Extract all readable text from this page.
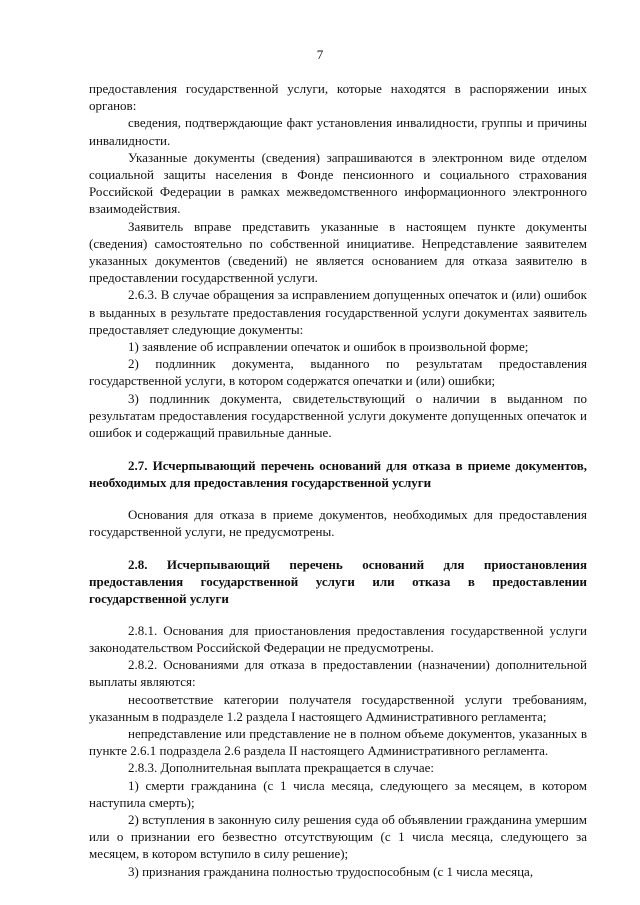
7

предоставления государственной услуги, которые находятся в распоряжении иных органов:

сведения, подтверждающие факт установления инвалидности, группы и причины инвалидности.

Указанные документы (сведения) запрашиваются в электронном виде отделом социальной защиты населения в Фонде пенсионного и социального страхования Российской Федерации в рамках межведомственного информационного электронного взаимодействия.

Заявитель вправе представить указанные в настоящем пункте документы (сведения) самостоятельно по собственной инициативе. Непредставление заявителем указанных документов (сведений) не является основанием для отказа заявителю в предоставлении государственной услуги.

2.6.3. В случае обращения за исправлением допущенных опечаток и (или) ошибок в выданных в результате предоставления государственной услуги документах заявитель предоставляет следующие документы:

1) заявление об исправлении опечаток и ошибок в произвольной форме;

2) подлинник документа, выданного по результатам предоставления государственной услуги, в котором содержатся опечатки и (или) ошибки;

3) подлинник документа, свидетельствующий о наличии в выданном по результатам предоставления государственной услуги документе допущенных опечаток и ошибок и содержащий правильные данные.

2.7. Исчерпывающий перечень оснований для отказа в приеме документов, необходимых для предоставления государственной услуги

Основания для отказа в приеме документов, необходимых для предоставления государственной услуги, не предусмотрены.

2.8. Исчерпывающий перечень оснований для приостановления предоставления государственной услуги или отказа в предоставлении государственной услуги

2.8.1. Основания для приостановления предоставления государственной услуги законодательством Российской Федерации не предусмотрены.

2.8.2. Основаниями для отказа в предоставлении (назначении) дополнительной выплаты являются:

несоответствие категории получателя государственной услуги требованиям, указанным в подразделе 1.2 раздела I настоящего Административного регламента;

непредставление или представление не в полном объеме документов, указанных в пункте 2.6.1 подраздела 2.6 раздела II настоящего Административного регламента.

2.8.3. Дополнительная выплата прекращается в случае:

1) смерти гражданина (с 1 числа месяца, следующего за месяцем, в котором наступила смерть);

2) вступления в законную силу решения суда об объявлении гражданина умершим или о признании его безвестно отсутствующим (с 1 числа месяца, следующего за месяцем, в котором вступило в силу решение);

3) признания гражданина полностью трудоспособным (с 1 числа месяца,
